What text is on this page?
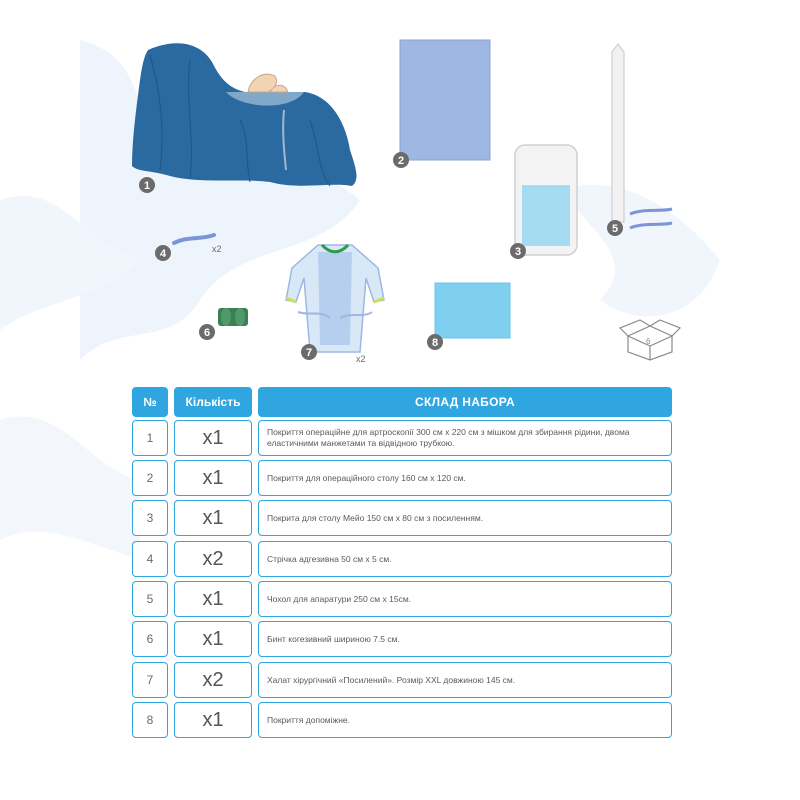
x2
x2
6
1
2
3
4
5
6
7
8
№	Кількість	СКЛАД НАБОРА
1	x1	Покриття операційне для артроскопії 300 см х 220 см з мішком для збирання рідини, двома еластичними манжетами та відвідною трубкою.
2	x1	Покриття для операційного столу 160 см х 120 см.
3	x1	Покрита для столу Мейо 150 см х 80 см з посиленням.
4	x2	Стрічка адгезивна 50 см х 5 см.
5	x1	Чохол для апаратури 250 см х 15см.
6	x1	Бинт когезивний шириною 7.5 см.
7	x2	Халат хірургічний «Посилений». Розмір XXL довжиною 145 см.
8	x1	Покриття допоміжне.
